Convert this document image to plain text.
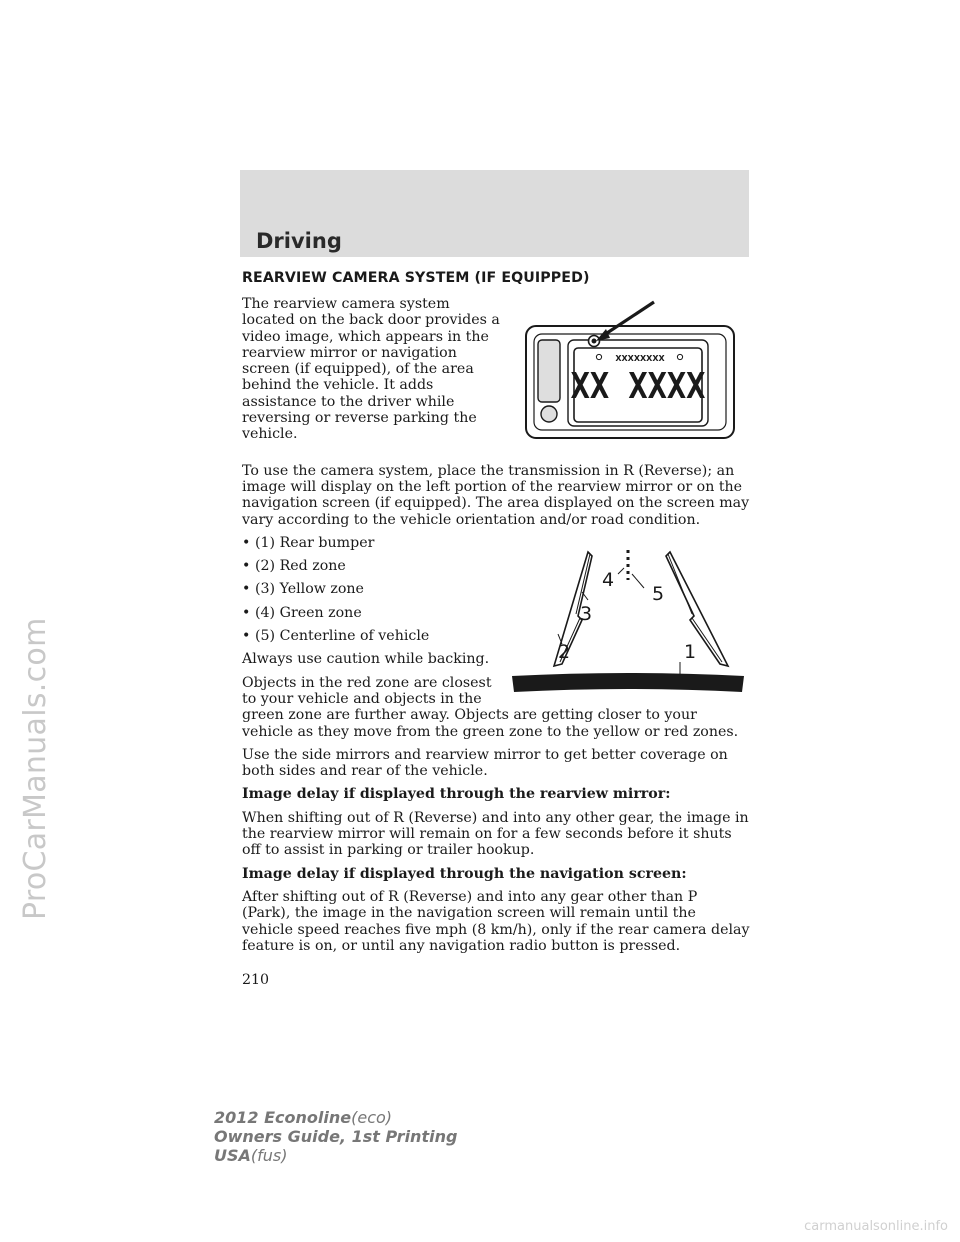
ProCarManuals.com
Driving
REARVIEW CAMERA SYSTEM (IF EQUIPPED)

The rearview camera system located on the back door provides a video image, which appears in the rearview mirror or navigation screen (if equipped), of the area behind the vehicle. It adds assistance to the driver while reversing or reverse parking the vehicle.

To use the camera system, place the transmission in R (Reverse); an image will display on the left portion of the rearview mirror or on the navigation screen (if equipped). The area displayed on the screen may vary according to the vehicle orientation and/or road condition.

• (1) Rear bumper
• (2) Red zone
• (3) Yellow zone
• (4) Green zone
• (5) Centerline of vehicle

Always use caution while backing.

Objects in the red zone are closest to your vehicle and objects in the

green zone are further away. Objects are getting closer to your vehicle as they move from the green zone to the yellow or red zones.

Use the side mirrors and rearview mirror to get better coverage on both sides and rear of the vehicle.

Image delay if displayed through the rearview mirror:

When shifting out of R (Reverse) and into any other gear, the image in the rearview mirror will remain on for a few seconds before it shuts off to assist in parking or trailer hookup.

Image delay if displayed through the navigation screen:

After shifting out of R (Reverse) and into any gear other than P (Park), the image in the navigation screen will remain until the vehicle speed reaches five mph (8 km/h), only if the rear camera delay feature is on, or until any navigation radio button is pressed.

XXXXXXXX
XX XXXX
1
2
3
4
5
210
2012 Econoline(eco)
Owners Guide, 1st Printing
USA(fus)
carmanualsonline.info
